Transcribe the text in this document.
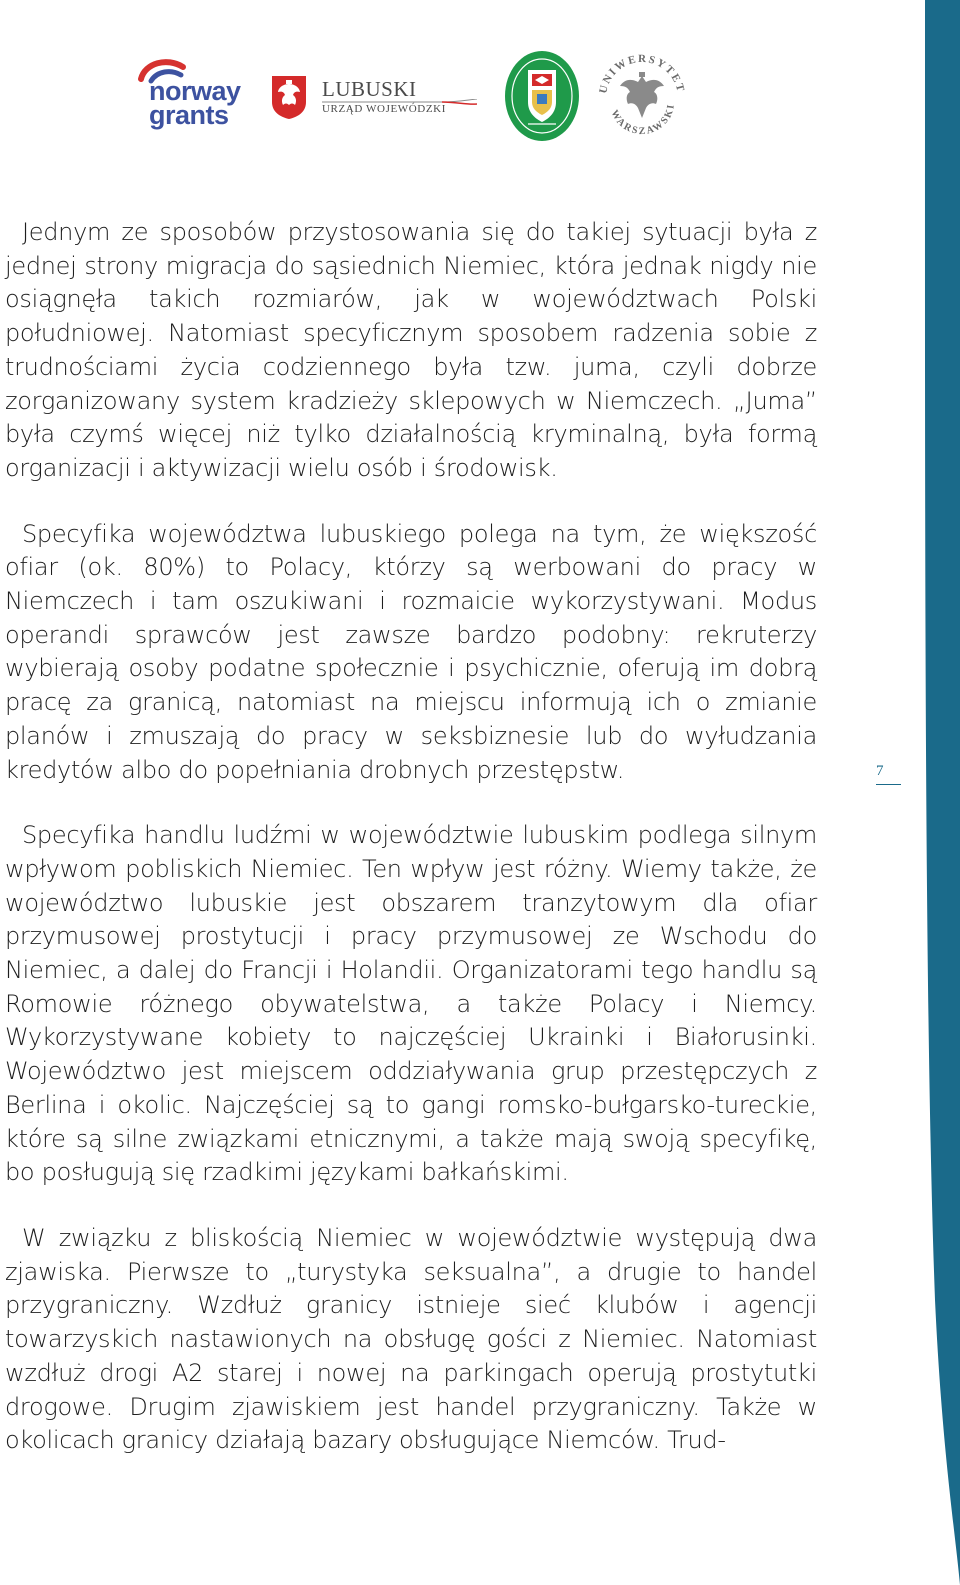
7
norway
grants
LUBUSKI
URZĄD WOJEWÓDZKI
UNIWERSYTET
WARSZAWSKI

Jednym ze sposobów przystosowania się do takiej sytuacji była z jednej strony migracja do sąsiednich Niemiec, która jednak nigdy nie osiągnęła takich rozmiarów, jak w województwach Polski południowej. Natomiast specyficznym sposobem radzenia sobie z trudnościami życia codziennego była tzw. juma, czyli dobrze zorganizowany system kradzieży sklepowych w Niemczech. „Juma” była czymś więcej niż tylko działalnością kryminalną, była formą organizacji i aktywizacji wielu osób i środowisk.

Specyfika województwa lubuskiego polega na tym, że większość ofiar (ok. 80%) to Polacy, którzy są werbowani do pracy w Niemczech i tam oszukiwani i rozmaicie wykorzystywani. Modus operandi sprawców jest zawsze bardzo podobny: rekruterzy wybierają osoby podatne społecznie i psychicznie, oferują im dobrą pracę za granicą, natomiast na miejscu informują ich o zmianie planów i zmuszają do pracy w seksbiznesie lub do wyłudzania kredytów albo do popełniania drobnych przestępstw.

Specyfika handlu ludźmi w województwie lubuskim podlega silnym wpływom pobliskich Niemiec. Ten wpływ jest różny. Wiemy także, że województwo lubuskie jest obszarem tranzytowym dla ofiar przymusowej prostytucji i pracy przymusowej ze Wschodu do Niemiec, a dalej do Francji i Holandii. Organizatorami tego handlu są Romowie różnego obywatelstwa, a także Polacy i Niemcy. Wykorzystywane kobiety to najczęściej Ukrainki i Białorusinki. Województwo jest miejscem oddziaływania grup przestępczych z Berlina i okolic. Najczęściej są to gangi romsko-bułgarsko-tureckie, które są silne związkami etnicznymi, a także mają swoją specyfikę, bo posługują się rzadkimi językami bałkańskimi.

W związku z bliskością Niemiec w województwie występują dwa zjawiska. Pierwsze to „turystyka seksualna”, a drugie to handel przygraniczny. Wzdłuż granicy istnieje sieć klubów i agencji towarzyskich nastawionych na obsługę gości z Niemiec. Natomiast wzdłuż drogi A2 starej i nowej na parkingach operują prostytutki drogowe. Drugim zjawiskiem jest handel przygraniczny. Także w okolicach granicy działają bazary obsługujące Niemców. Trud-
